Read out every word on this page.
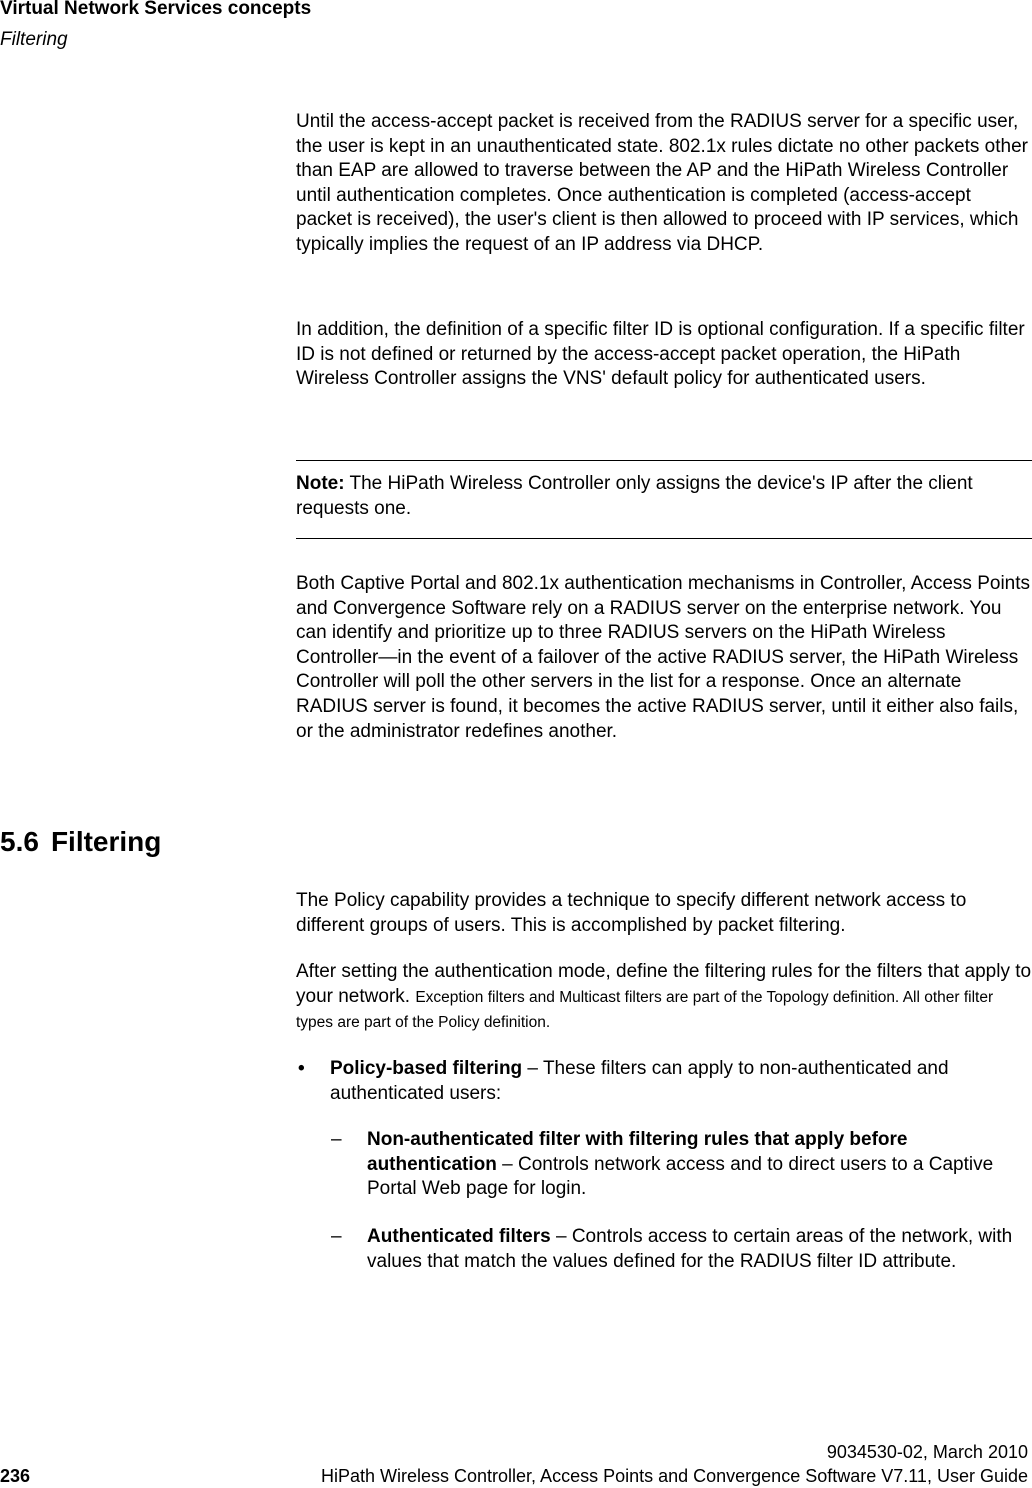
Virtual Network Services concepts
Filtering

Until the access-accept packet is received from the RADIUS server for a specific user, the user is kept in an unauthenticated state. 802.1x rules dictate no other packets other than EAP are allowed to traverse between the AP and the HiPath Wireless Controller until authentication completes. Once authentication is completed (access-accept packet is received), the user's client is then allowed to proceed with IP services, which typically implies the request of an IP address via DHCP.

In addition, the definition of a specific filter ID is optional configuration. If a specific filter ID is not defined or returned by the access-accept packet operation, the HiPath Wireless Controller assigns the VNS' default policy for authenticated users.

Note: The HiPath Wireless Controller only assigns the device's IP after the client requests one.

Both Captive Portal and 802.1x authentication mechanisms in Controller, Access Points and Convergence Software rely on a RADIUS server on the enterprise network. You can identify and prioritize up to three RADIUS servers on the HiPath Wireless Controller—in the event of a failover of the active RADIUS server, the HiPath Wireless Controller will poll the other servers in the list for a response. Once an alternate RADIUS server is found, it becomes the active RADIUS server, until it either also fails, or the administrator redefines another.

5.6 Filtering

The Policy capability provides a technique to specify different network access to different groups of users. This is accomplished by packet filtering.

After setting the authentication mode, define the filtering rules for the filters that apply to your network. Exception filters and Multicast filters are part of the Topology definition. All other filter types are part of the Policy definition.

• Policy-based filtering – These filters can apply to non-authenticated and authenticated users:

– Non-authenticated filter with filtering rules that apply before authentication – Controls network access and to direct users to a Captive Portal Web page for login.

– Authenticated filters – Controls access to certain areas of the network, with values that match the values defined for the RADIUS filter ID attribute.

9034530-02, March 2010
236	HiPath Wireless Controller, Access Points and Convergence Software V7.11, User Guide
